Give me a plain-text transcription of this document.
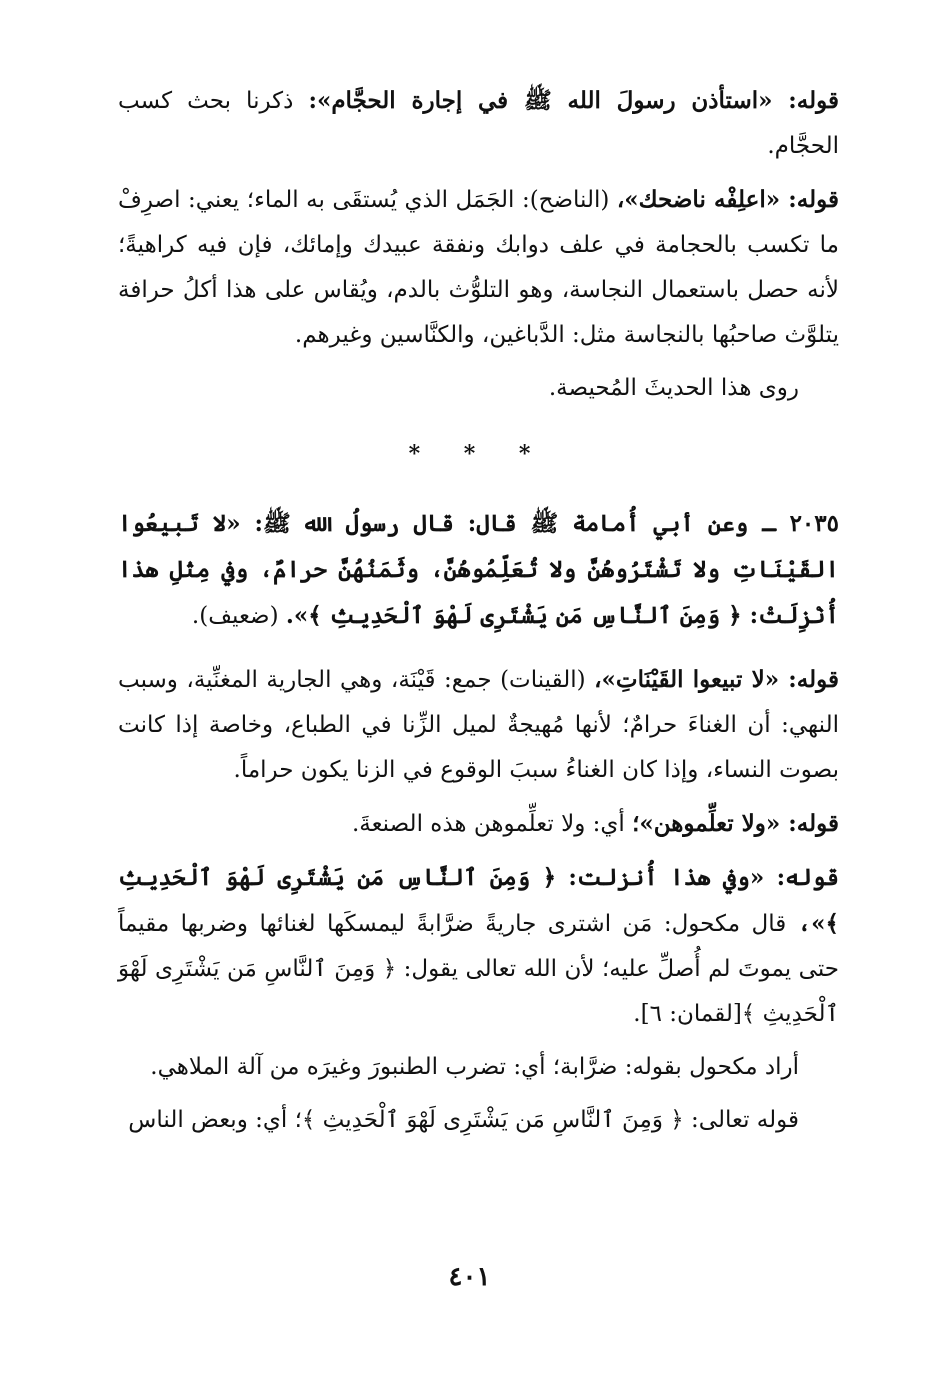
قوله: «استأذن رسولَ الله ﷺ في إجارة الحجَّام»: ذكرنا بحث كسب الحجَّام.

قوله: «اعلِفْه ناضحك»، (الناضح): الجَمَل الذي يُستقَى به الماء؛ يعني: اصرِفْ ما تكسب بالحجامة في علف دوابك ونفقة عبيدك وإمائك، فإن فيه كراهيةً؛ لأنه حصل باستعمال النجاسة، وهو التلوُّث بالدم، ويُقاس على هذا أكلُ حرافة يتلوَّث صاحبُها بالنجاسة مثل: الدَّباغين، والكنَّاسين وغيرهم.

روى هذا الحديثَ المُحيصة.

* * *

٢٠٣٥ ـ وعن أبي أُمامة ﷺ قال: قال رسولُ الله ﷺ: «لا تَبيعُوا القَيْنَاتِ ولا تَشْتَرُوهُنَّ ولا تُعَلِّمُوهُنَّ، وثَمَنُهُنَّ حرامٌ، وفي مِثلِ هذا أُنْزِلَتْ: ﴿ وَمِنَ ٱلنَّاسِ مَن يَشْتَرِى لَهْوَ ٱلْحَدِيثِ ﴾». (ضعيف).

قوله: «لا تبيعوا القَيْنَاتِ»، (القينات) جمع: قَيْنَة، وهي الجارية المغنِّية، وسبب النهي: أن الغناءَ حرامٌ؛ لأنها مُهيجةٌ لميل الزِّنا في الطباع، وخاصة إذا كانت بصوت النساء، وإذا كان الغناءُ سببَ الوقوع في الزنا يكون حراماً.

قوله: «ولا تعلِّموهن»؛ أي: ولا تعلِّموهن هذه الصنعةَ.

قوله: «وفي هذا أُنزلت: ﴿ وَمِنَ ٱلنَّاسِ مَن يَشْتَرِى لَهْوَ ٱلْحَدِيثِ ﴾»، قال مكحول: مَن اشترى جاريةً ضرَّابةً ليمسكَها لغنائها وضربها مقيماً حتى يموتَ لم أُصلِّ عليه؛ لأن الله تعالى يقول: ﴿ وَمِنَ ٱلنَّاسِ مَن يَشْتَرِى لَهْوَ ٱلْحَدِيثِ ﴾[لقمان: ٦].

أراد مكحول بقوله: ضرَّابة؛ أي: تضرب الطنبورَ وغيرَه من آلة الملاهي.

قوله تعالى: ﴿ وَمِنَ ٱلنَّاسِ مَن يَشْتَرِى لَهْوَ ٱلْحَدِيثِ ﴾؛ أي: وبعض الناس

٤٠١
